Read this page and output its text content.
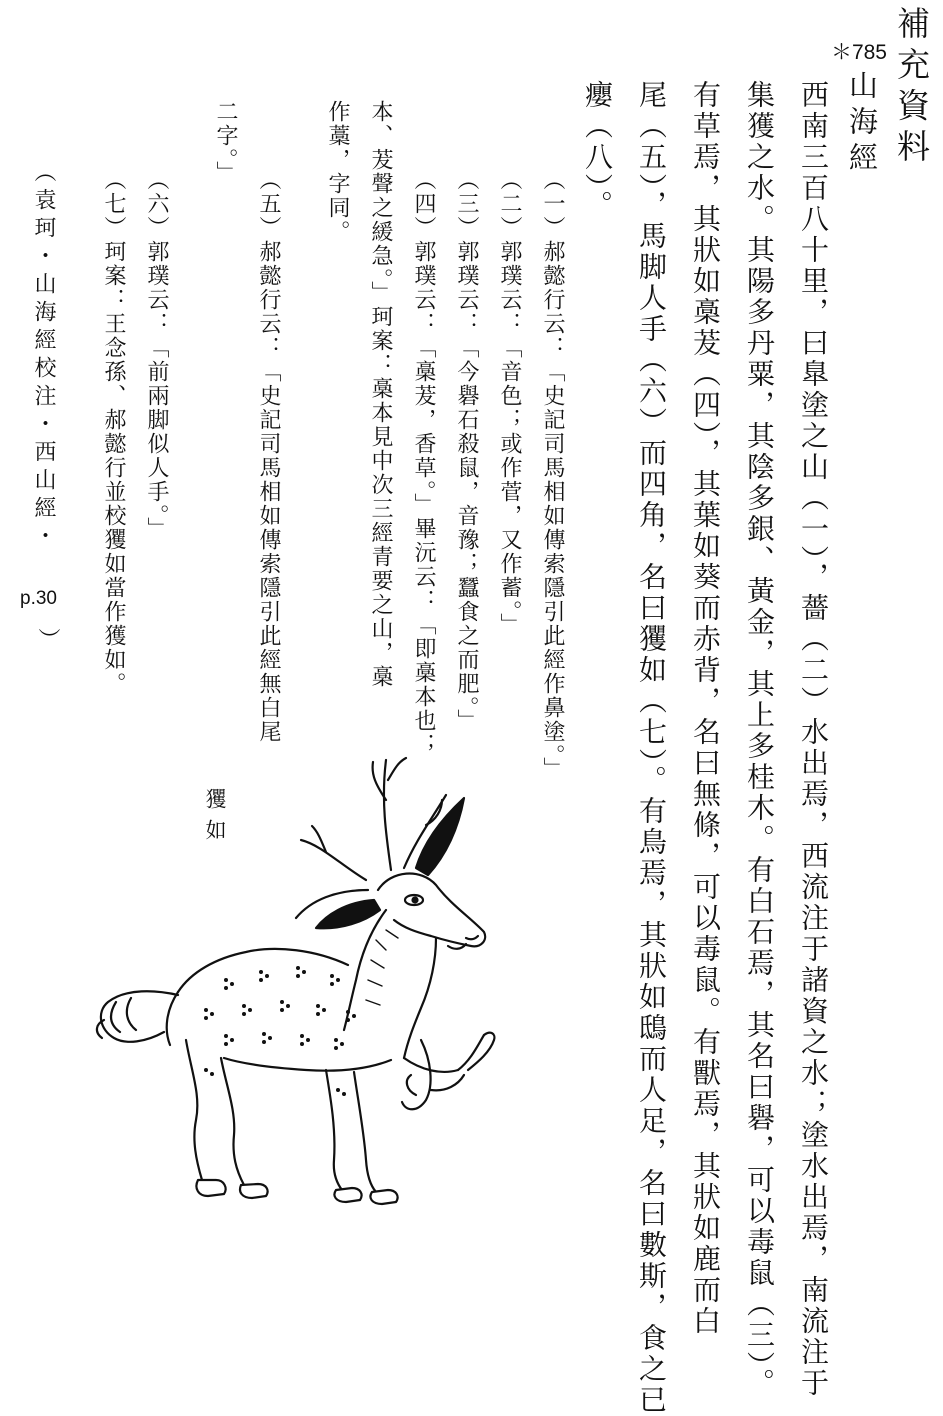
補充資料
＊785
山海經
西南三百八十里，曰臯塗之山（一），薔（二）水出焉，西流注于諸資之水；塗水出焉，南流注于
集獲之水。其陽多丹粟，其陰多銀、黃金，其上多桂木。有白石焉，其名曰礜，可以毒鼠（三）。
有草焉，其狀如槀茇（四），其葉如葵而赤背，名曰無條，可以毒鼠。有獸焉，其狀如鹿而白
尾（五），馬脚人手（六）而四角，名曰玃如（七）。有鳥焉，其狀如鴟而人足，名曰數斯，食之已
癭（八）。
（一）郝懿行云：「史記司馬相如傳索隱引此經作鼻塗。」
（二）郭璞云：「音色；或作菅，又作蓄。」
（三）郭璞云：「今礜石殺鼠，音豫；蠶食之而肥。」
（四）郭璞云：「槀茇，香草。」畢沅云：「即槀本也；
本、茇聲之緩急。」珂案：槀本見中次三經青要之山，槀
作藁，字同。
（五）郝懿行云：「史記司馬相如傳索隱引此經無白尾
二字。」
（六）郭璞云：「前兩脚似人手。」
（七）珂案：王念孫、郝懿行並校玃如當作獲如。
（袁珂・山海經校注・西山經・
p.30
）
玃如
